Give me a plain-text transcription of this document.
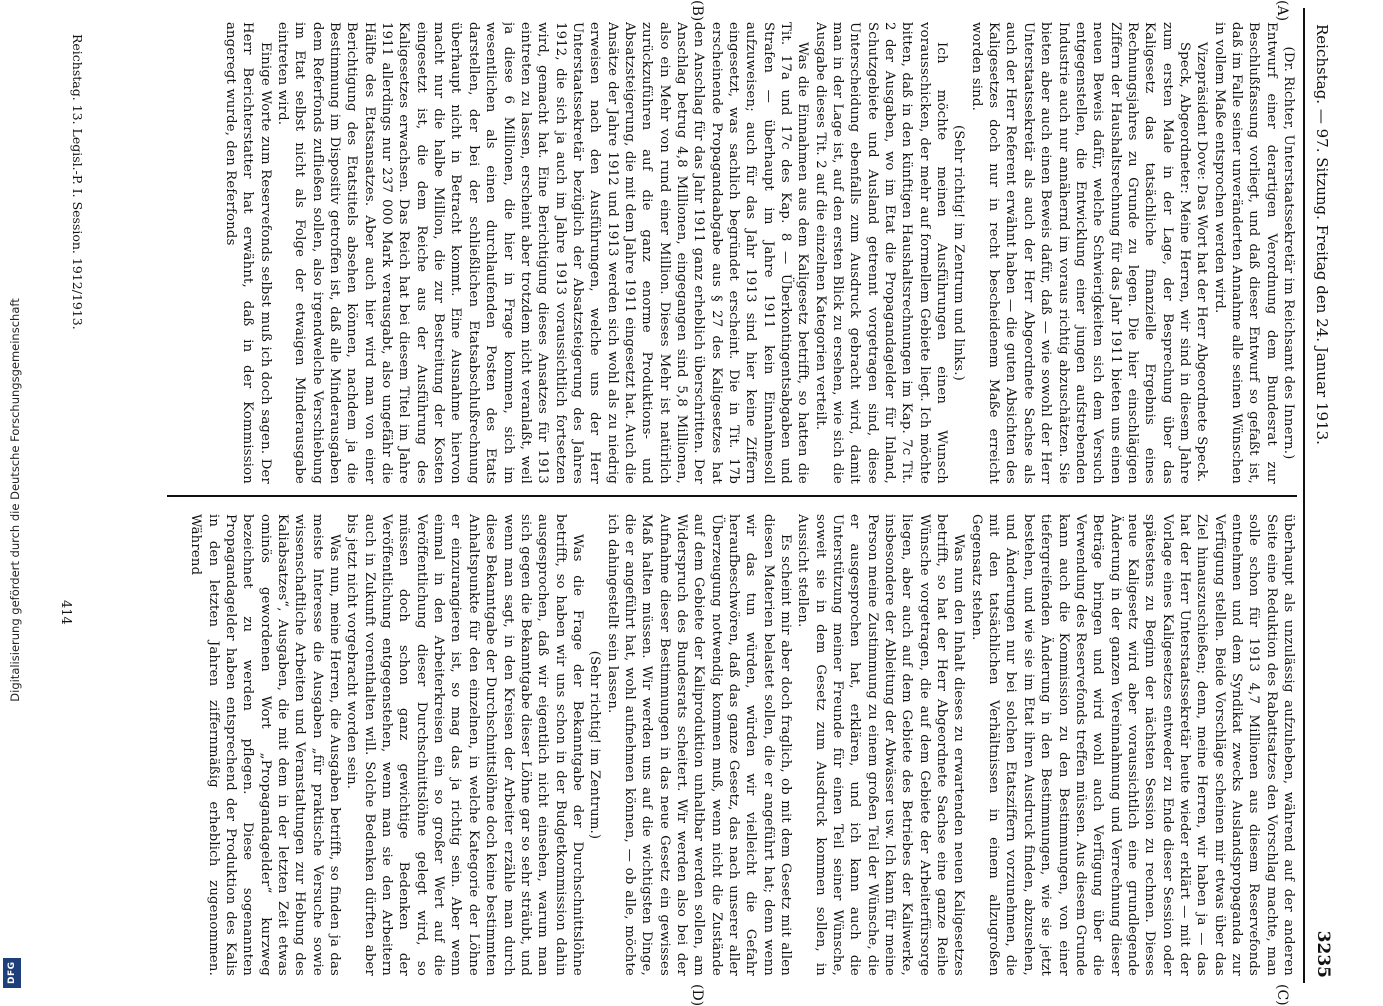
Digitalisierung gefördert durch die Deutsche Forschungsgemeinschaft
DFG
Reichstag. — 97. Sitzung. Freitag den 24. Januar 1913.
3235
(A)
(B)
(C)
(D)

(Dr. Richter, Unterstaatssekretär im Reichsamt des Innern.)

Entwurf einer derartigen Verordnung dem Bundesrat zur Beschlußfassung vorliegt, und daß dieser Entwurf so gefaßt ist, daß im Falle seiner unveränderten Annahme alle seinen Wünschen in vollem Maße entsprochen werden wird.

Vizepräsident Dove: Das Wort hat der Herr Abgeordnete Speck.

Speck, Abgeordneter: Meine Herren, wir sind in diesem Jahre zum ersten Male in der Lage, der Besprechung über das Kaligesetz das tatsächliche finanzielle Ergebnis eines Rechnungsjahres zu Grunde zu legen. Die hier einschlägigen Ziffern der Haushaltsrechnung für das Jahr 1911 bieten uns einen neuen Beweis dafür, welche Schwierigkeiten sich dem Versuch entgegenstellen, die Entwicklung einer jungen aufstrebenden Industrie auch nur annähernd im voraus richtig abzuschätzen. Sie bieten aber auch einen Beweis dafür, daß — wie sowohl der Herr Unterstaatssekretär als auch der Herr Abgeordnete Sachse als auch der Herr Referent erwähnt haben — die guten Absichten des Kaligesetzes doch nur in recht bescheidenem Maße erreicht worden sind.

(Sehr richtig! im Zentrum und links.)

Ich möchte meinen Ausführungen einen Wunsch vorausschicken, der mehr auf formellem Gebiete liegt. Ich möchte bitten, daß in den künftigen Haushaltsrechnungen im Kap. 7c Tit. 2 der Ausgaben, wo im Etat die Propagandagelder für Inland, Schutzgebiete und Ausland getrennt vorgetragen sind, diese Unterscheidung ebenfalls zum Ausdruck gebracht wird, damit man in der Lage ist, auf den ersten Blick zu ersehen, wie sich die Ausgabe dieses Tit. 2 auf die einzelnen Kategorien verteilt.

Was die Einnahmen aus dem Kaligesetz betrifft, so hatten die Tit. 17a und 17c des Kap. 8 — Überkontingentsabgaben und Strafen — überhaupt im Jahre 1911 kein Einnahmesoll aufzuweisen; auch für das Jahr 1913 sind hier keine Ziffern eingesetzt, was sachlich begründet erscheint. Die in Tit. 17b erscheinende Propagandaabgabe aus § 27 des Kaligesetzes hat den Anschlag für das Jahr 1911 ganz erheblich überschritten. Der Anschlag betrug 4,8 Millionen, eingegangen sind 5,8 Millionen, also ein Mehr von rund einer Million. Dieses Mehr ist natürlich zurückzuführen auf die ganz enorme Produktions- und Absatzsteigerung, die mit dem Jahre 1911 eingesetzt hat. Auch die Ansätze der Jahre 1912 und 1913 werden sich wohl als zu niedrig erweisen nach den Ausführungen, welche uns der Herr Unterstaatssekretär bezüglich der Absatzsteigerung des Jahres 1912, die sich ja auch im Jahre 1913 voraussichtlich fortsetzen wird, gemacht hat. Eine Berichtigung dieses Ansatzes für 1913 eintreten zu lassen, erscheint aber trotzdem nicht veranlaßt, weil ja diese 6 Millionen, die hier in Frage kommen, sich im wesentlichen als einen durchlaufenden Posten des Etats darstellen, der bei der schließlichen Etatsabschlußrechnung überhaupt nicht in Betracht kommt. Eine Ausnahme hiervon macht nur die halbe Million, die zur Bestreitung der Kosten eingesetzt ist, die dem Reiche aus der Ausführung des Kaligesetzes erwachsen. Das Reich hat bei diesem Titel im Jahre 1911 allerdings nur 237 000 Mark verausgabt, also ungefähr die Hälfte des Etatsansatzes. Aber auch hier wird man von einer Berichtigung des Etatstitels absehen können, nachdem ja die Bestimmung im Dispositiv getroffen ist, daß alle Minderausgaben dem Referfonds zufließen sollen, also irgendwelche Verschiebung im Etat selbst nicht als Folge der etwaigen Minderausgabe eintreten wird.

Einige Worte zum Reservefonds selbst muß ich doch sagen. Der Herr Berichterstatter hat erwähnt, daß in der Kommission angeregt wurde, den Referfonds

überhaupt als unzulässig aufzuheben, während auf der anderen Seite eine Reduktion des Rabattsatzes den Vorschlag machte, man solle schon für 1913 4,7 Millionen aus diesem Reservefonds entnehmen und dem Syndikat zwecks Auslandspropaganda zur Verfügung stellen. Beide Vorschläge scheinen mir etwas über das Ziel hinauszuschießen; denn, meine Herren, wir haben ja — das hat der Herr Unterstaatssekretär heute wieder erklärt — mit der Vorlage eines Kaligesetzes entweder zu Ende dieser Session oder spätestens zu Beginn der nächsten Session zu rechnen. Dieses neue Kaligesetz wird aber voraussichtlich eine grundlegende Änderung in der ganzen Vereinnahmung und Verrechnung dieser Beträge bringen und wird wohl auch Verfügung über die Verwendung des Reservefonds treffen müssen. Aus diesem Grunde kann auch die Kommission zu den Bestimmungen, von einer tiefergreifenden Änderung in den Bestimmungen, wie sie jetzt bestehen, und wie sie im Etat ihren Ausdruck finden, abzusehen, und Änderungen nur bei solchen Etatsziffern vorzunehmen, die mit den tatsächlichen Verhältnissen in einem allzugroßen Gegensatz stehen.

Was nun den Inhalt dieses zu erwartenden neuen Kaligesetzes betrifft, so hat der Herr Abgeordnete Sachse eine ganze Reihe Wünsche vorgetragen, die auf dem Gebiete der Arbeiterfürsorge liegen, aber auch auf dem Gebiete des Betriebes der Kaliwerke, insbesondere der Ableitung der Abwässer usw. Ich kann für meine Person meine Zustimmung zu einem großen Teil der Wünsche, die er ausgesprochen hat, erklären, und ich kann auch die Unterstützung meiner Freunde für einen Teil seiner Wünsche, soweit sie in dem Gesetz zum Ausdruck kommen sollen, in Aussicht stellen.

Es scheint mir aber doch fraglich, ob mit dem Gesetz mit allen diesen Materien belastet sollen, die er angeführt hat; denn wenn wir das tun würden, würden wir vielleicht die Gefahr heraufbeschwören, daß das ganze Gesetz, das nach unserer aller Überzeugung notwendig kommen muß, wenn nicht die Zustände auf dem Gebiete der Kaliproduktion unhaltbar werden sollen, am Widerspruch des Bundesrats scheitert. Wir werden also bei der Aufnahme dieser Bestimmungen in das neue Gesetz ein gewisses Maß halten müssen. Wir werden uns auf die wichtigsten Dinge, die er angeführt hat, wohl aufnehmen können, — ob alle, möchte ich dahingestellt sein lassen.

(Sehr richtig! im Zentrum.)

Was die Frage der Bekanntgabe der Durchschnittslöhne betrifft, so haben wir uns schon in der Budgetkommission dahin ausgesprochen, daß wir eigentlich nicht einsehen, warum man sich gegen die Bekanntgabe dieser Löhne gar so sehr sträubt, und wenn man sagt, in den Kreisen der Arbeiter erzähle man durch diese Bekanntgabe der Durchschnittslöhne doch keine bestimmten Anhaltspunkte für den einzelnen, in welche Kategorie der Löhne er einzurangieren ist, so mag das ja richtig sein. Aber wenn einmal in den Arbeiterkreisen ein so großer Wert auf die Veröffentlichung dieser Durchschnittslöhne gelegt wird, so müssen doch schon ganz gewichtige Bedenken der Veröffentlichung entgegenstehen, wenn man sie den Arbeitern auch in Zukunft vorenthalten will. Solche Bedenken dürften aber bis jetzt nicht vorgebracht worden sein.

Was nun, meine Herren, die Ausgaben betrifft, so finden ja das meiste Interesse die Ausgaben „für praktische Versuche sowie wissenschaftliche Arbeiten und Veranstaltungen zur Hebung des Kaliabsatzes“, Ausgaben, die mit dem in der letzten Zeit etwas ominös gewordenen Wort „Propagandagelder“ kurzweg bezeichnet zu werden pflegen. Diese sogenannten Propagandagelder haben entsprechend der Produktion des Kalis in den letzten Jahren ziffernmäßig erheblich zugenommen. Während

Reichstag. 13. Legisl.-P. I. Session. 1912/1913.
414
